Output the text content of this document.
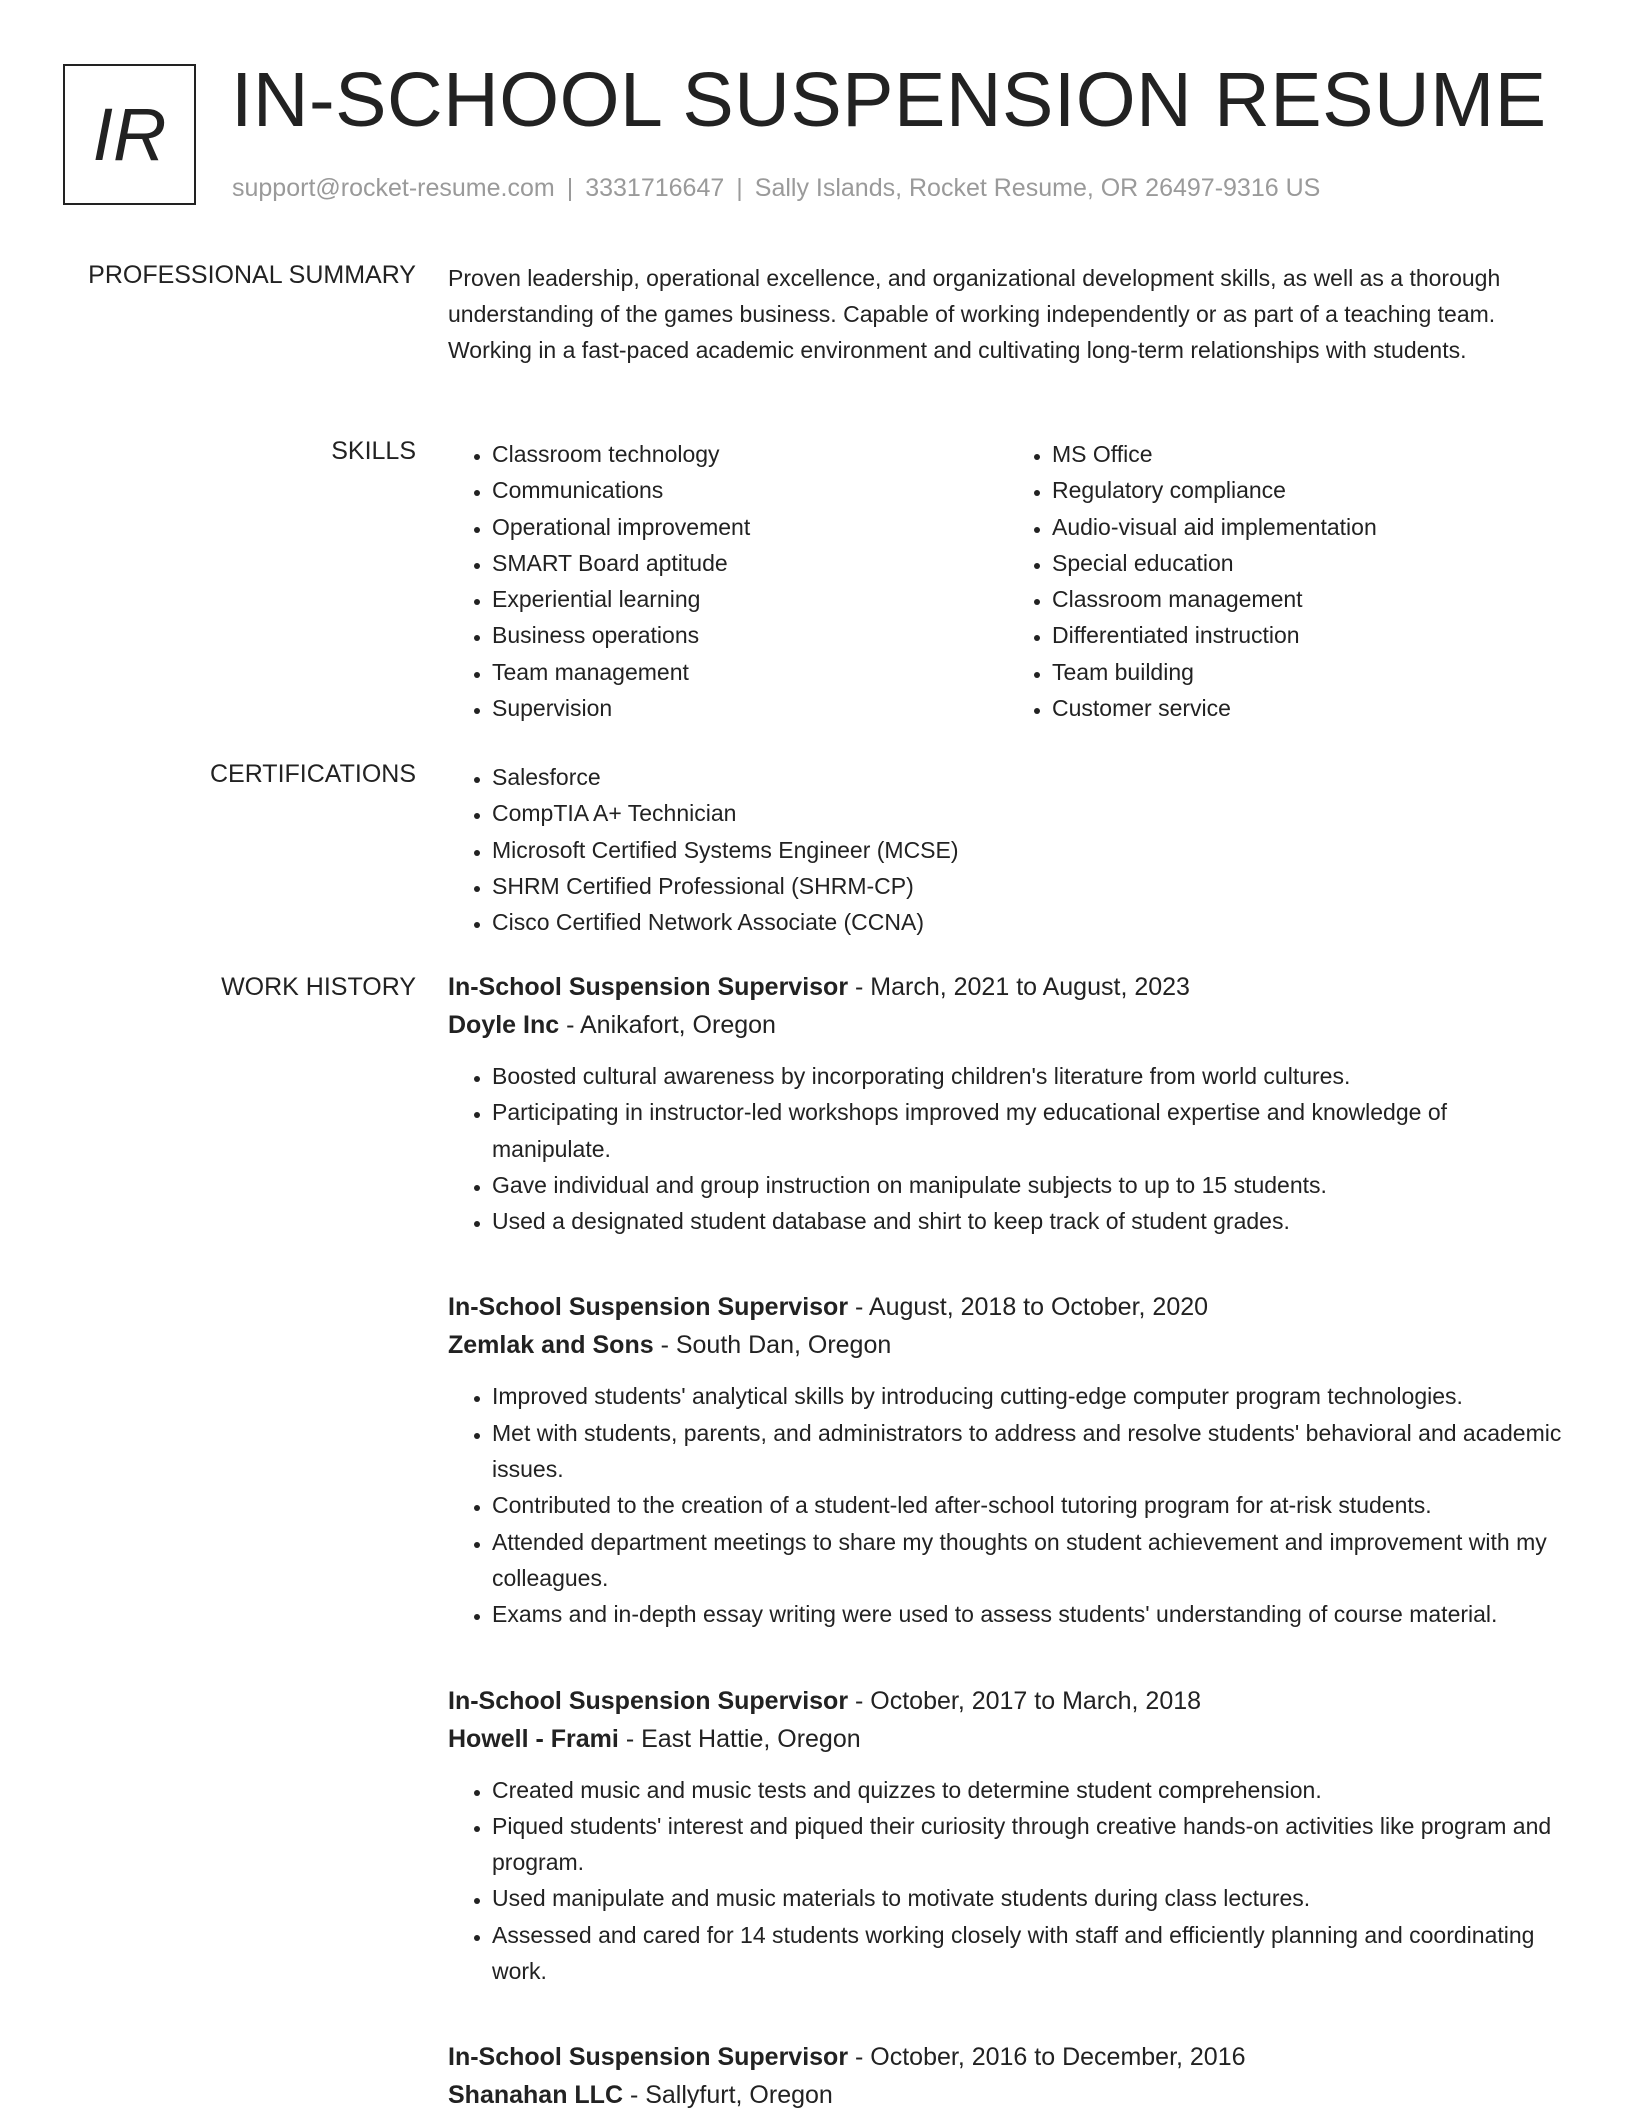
IR IN-SCHOOL SUSPENSION RESUME
support@rocket-resume.com | 3331716647 | Sally Islands, Rocket Resume, OR 26497-9316 US
PROFESSIONAL SUMMARY Proven leadership, operational excellence, and organizational development skills, as well as a thorough understanding of the games business. Capable of working independently or as part of a teaching team. Working in a fast-paced academic environment and cultivating long-term relationships with students.

SKILLS	• Classroom technology
• Communications
• Operational improvement
• SMART Board aptitude
• Experiential learning
• Business operations
• Team management
• Supervision
• MS Office
• Regulatory compliance
• Audio-visual aid implementation
• Special education
• Classroom management
• Differentiated instruction
• Team building
• Customer service
CERTIFICATIONS	• Salesforce
• CompTIA A+ Technician
• Microsoft Certified Systems Engineer (MCSE)
• SHRM Certified Professional (SHRM-CP)
• Cisco Certified Network Associate (CCNA)
WORK HISTORY In-School Suspension Supervisor - March, 2021 to August, 2023
Doyle Inc - Anikafort, Oregon
• Boosted cultural awareness by incorporating children's literature from world cultures.
• Participating in instructor-led workshops improved my educational expertise and knowledge of manipulate.
• Gave individual and group instruction on manipulate subjects to up to 15 students.
• Used a designated student database and shirt to keep track of student grades.
In-School Suspension Supervisor - August, 2018 to October, 2020
Zemlak and Sons - South Dan, Oregon
• Improved students' analytical skills by introducing cutting-edge computer program technologies.
• Met with students, parents, and administrators to address and resolve students' behavioral and academic issues.
• Contributed to the creation of a student-led after-school tutoring program for at-risk students.
• Attended department meetings to share my thoughts on student achievement and improvement with my colleagues.
• Exams and in-depth essay writing were used to assess students' understanding of course material.
In-School Suspension Supervisor - October, 2017 to March, 2018
Howell - Frami - East Hattie, Oregon
• Created music and music tests and quizzes to determine student comprehension.
• Piqued students' interest and piqued their curiosity through creative hands-on activities like program and program.
• Used manipulate and music materials to motivate students during class lectures.
• Assessed and cared for 14 students working closely with staff and efficiently planning and coordinating work.
In-School Suspension Supervisor - October, 2016 to December, 2016
Shanahan LLC - Sallyfurt, Oregon
